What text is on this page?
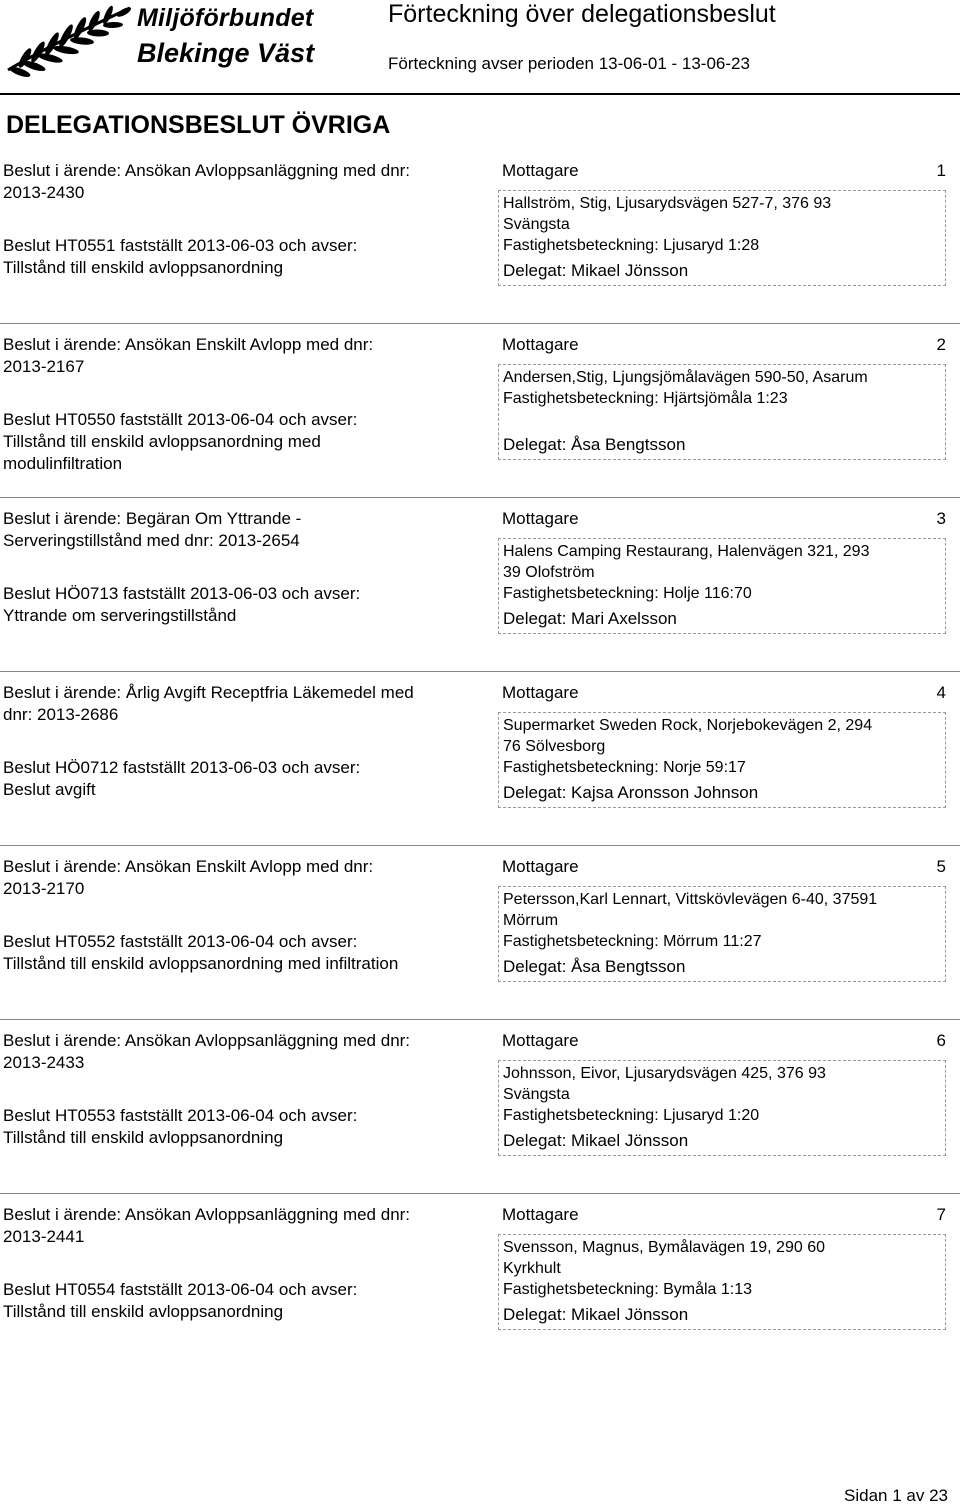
Miljöförbundet
Blekinge Väst
Förteckning över delegationsbeslut
Förteckning avser perioden 13-06-01 - 13-06-23
DELEGATIONSBESLUT ÖVRIGA
Beslut i ärende: Ansökan Avloppsanläggning med dnr:
2013-2430
Beslut HT0551 fastställt 2013-06-03 och avser:
Tillstånd till enskild avloppsanordning
Mottagare	1
Hallström, Stig, Ljusarydsvägen 527-7, 376 93
Svängsta
Fastighetsbeteckning: Ljusaryd 1:28
Delegat: Mikael Jönsson
Beslut i ärende: Ansökan Enskilt Avlopp med dnr:
2013-2167
Beslut HT0550 fastställt 2013-06-04 och avser:
Tillstånd till enskild avloppsanordning med
modulinfiltration
Mottagare	2
Andersen,Stig, Ljungsjömålavägen 590-50, Asarum
Fastighetsbeteckning: Hjärtsjömåla 1:23
Delegat: Åsa Bengtsson
Beslut i ärende: Begäran Om Yttrande -
Serveringstillstånd med dnr: 2013-2654
Beslut HÖ0713 fastställt 2013-06-03 och avser:
Yttrande om serveringstillstånd
Mottagare	3
Halens Camping Restaurang, Halenvägen 321, 293
39 Olofström
Fastighetsbeteckning: Holje 116:70
Delegat: Mari Axelsson
Beslut i ärende: Årlig Avgift Receptfria Läkemedel med
dnr: 2013-2686
Beslut HÖ0712 fastställt 2013-06-03 och avser:
Beslut avgift
Mottagare	4
Supermarket Sweden Rock, Norjebokevägen 2, 294
76 Sölvesborg
Fastighetsbeteckning: Norje 59:17
Delegat: Kajsa Aronsson Johnson
Beslut i ärende: Ansökan Enskilt Avlopp med dnr:
2013-2170
Beslut HT0552 fastställt 2013-06-04 och avser:
Tillstånd till enskild avloppsanordning med infiltration
Mottagare	5
Petersson,Karl Lennart, Vittskövlevägen 6-40, 37591
Mörrum
Fastighetsbeteckning: Mörrum 11:27
Delegat: Åsa Bengtsson
Beslut i ärende: Ansökan Avloppsanläggning med dnr:
2013-2433
Beslut HT0553 fastställt 2013-06-04 och avser:
Tillstånd till enskild avloppsanordning
Mottagare	6
Johnsson, Eivor, Ljusarydsvägen 425, 376 93
Svängsta
Fastighetsbeteckning: Ljusaryd 1:20
Delegat: Mikael Jönsson
Beslut i ärende: Ansökan Avloppsanläggning med dnr:
2013-2441
Beslut HT0554 fastställt 2013-06-04 och avser:
Tillstånd till enskild avloppsanordning
Mottagare	7
Svensson, Magnus, Bymålavägen 19, 290 60
Kyrkhult
Fastighetsbeteckning: Bymåla 1:13
Delegat: Mikael Jönsson
Sidan 1 av 23
